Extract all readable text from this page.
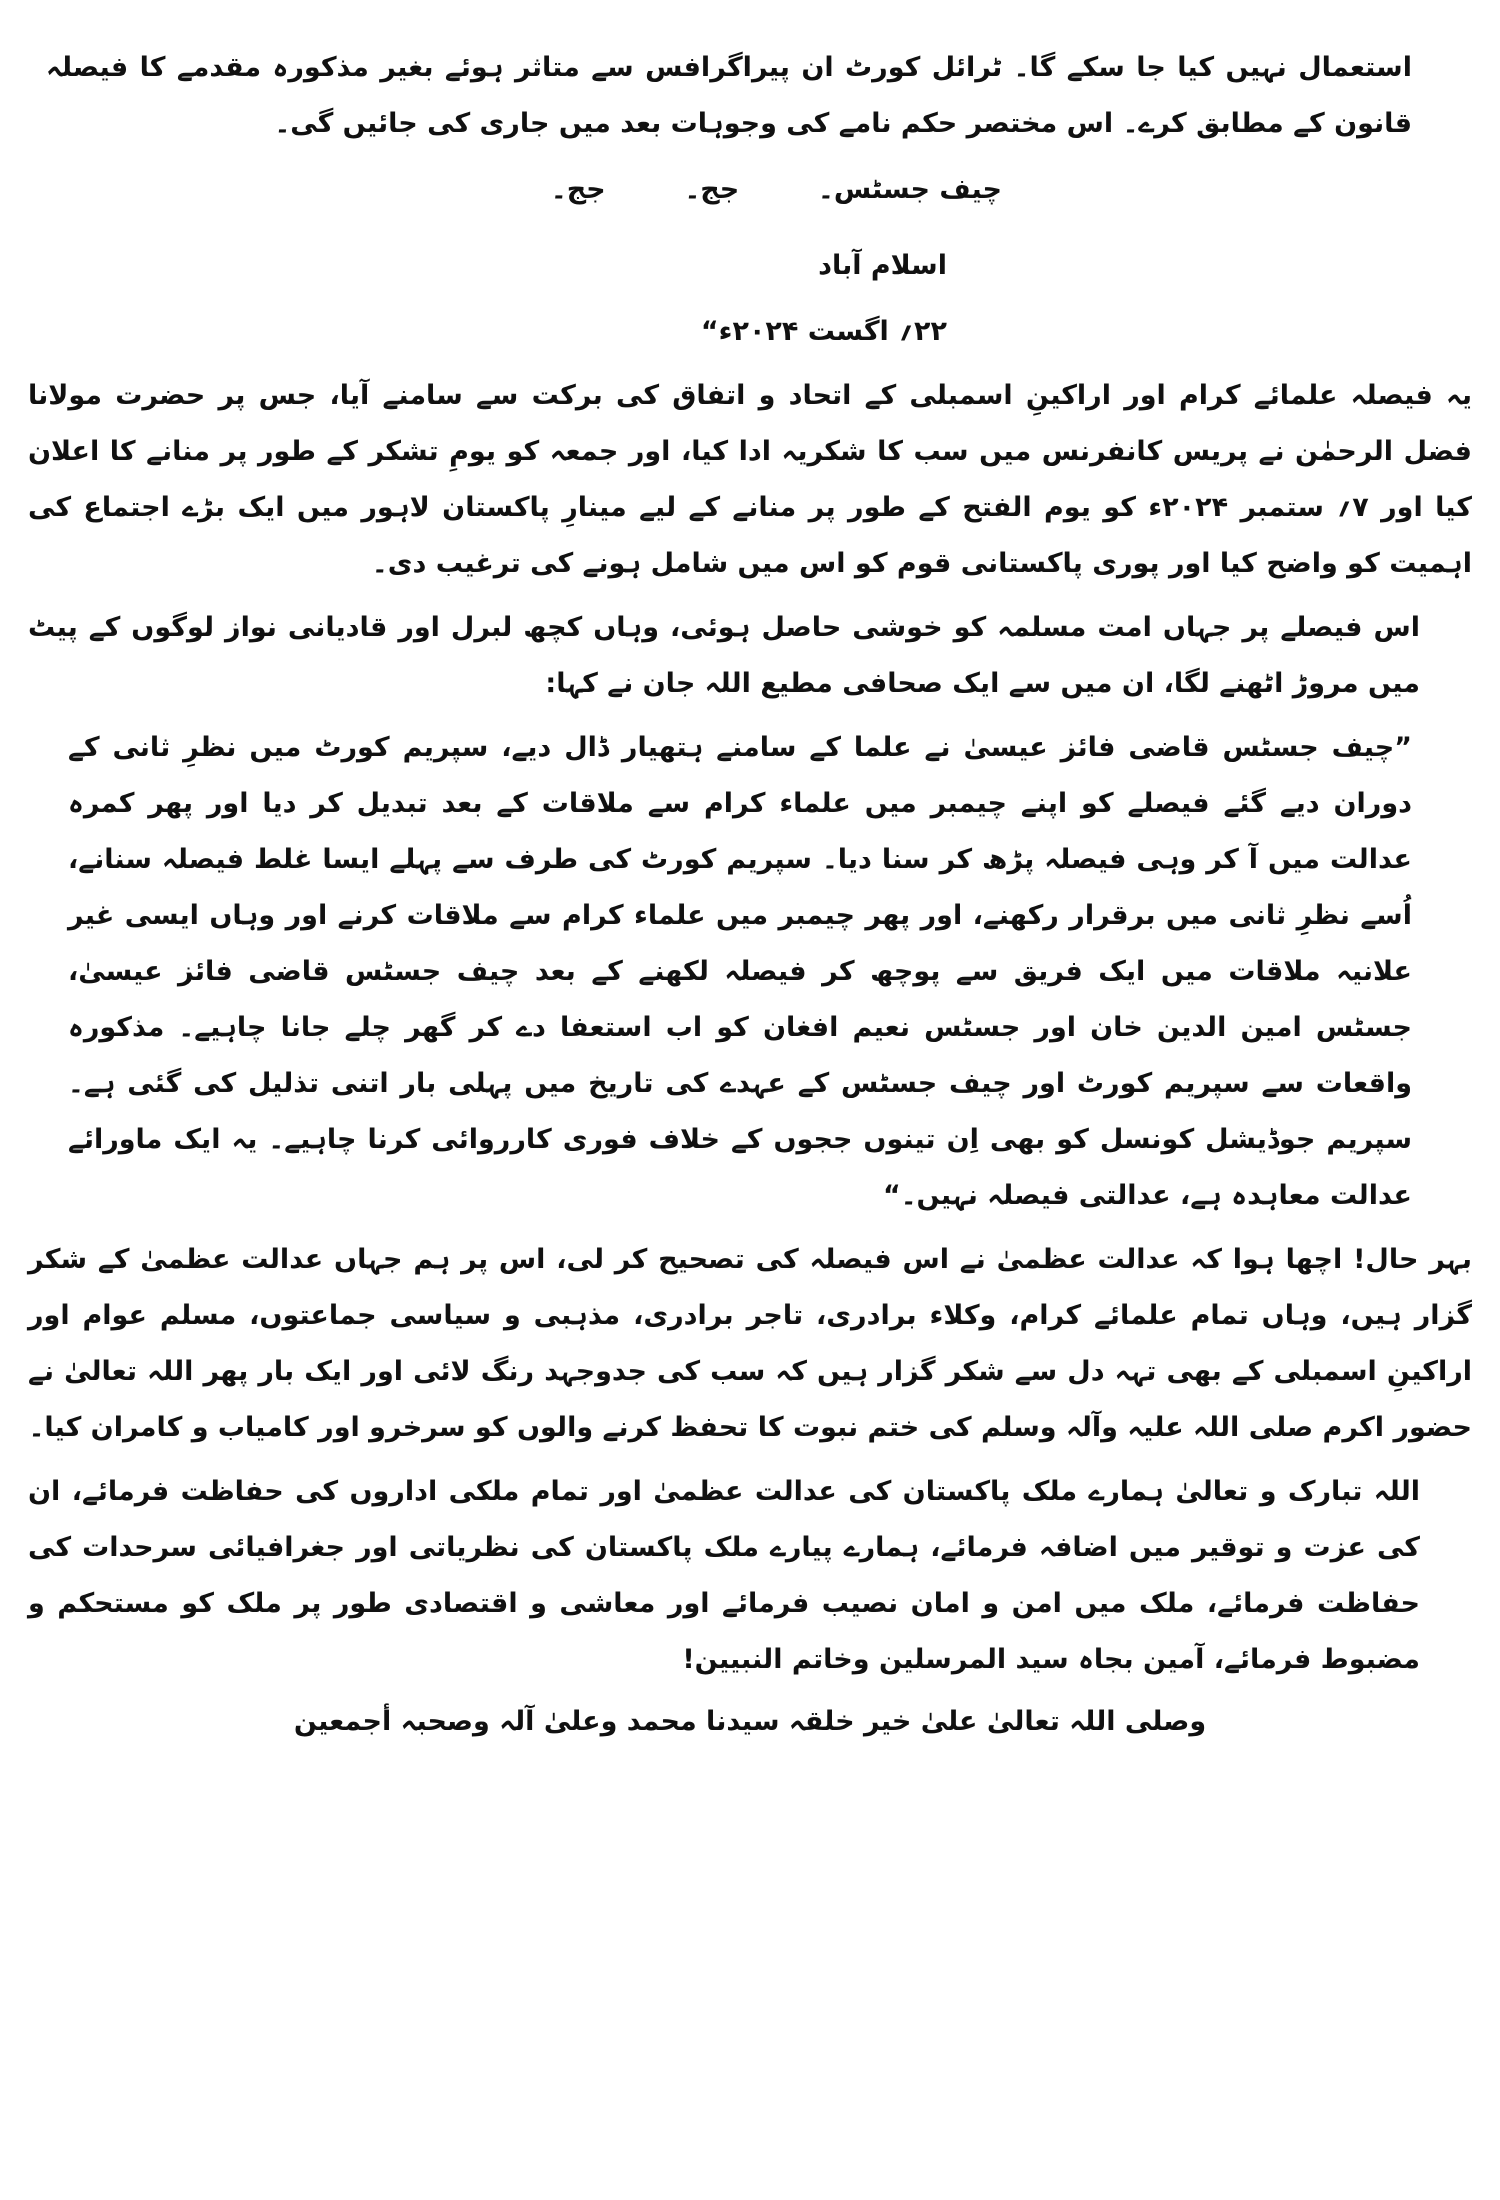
استعمال نہیں کیا جا سکے گا۔ ٹرائل کورٹ ان پیراگرافس سے متاثر ہوئے بغیر مذکورہ مقدمے کا فیصلہ قانون کے مطابق کرے۔ اس مختصر حکم نامے کی وجوہات بعد میں جاری کی جائیں گی۔

چیف جسٹس۔  جج۔  جج۔

اسلام آباد

۲۲؍ اگست ۲۰۲۴ء“

یہ فیصلہ علمائے کرام اور اراکینِ اسمبلی کے اتحاد و اتفاق کی برکت سے سامنے آیا، جس پر حضرت مولانا فضل الرحمٰن نے پریس کانفرنس میں سب کا شکریہ ادا کیا، اور جمعہ کو یومِ تشکر کے طور پر منانے کا اعلان کیا اور ۷؍ ستمبر ۲۰۲۴ء کو یوم الفتح کے طور پر منانے کے لیے مینارِ پاکستان لاہور میں ایک بڑے اجتماع کی اہمیت کو واضح کیا اور پوری پاکستانی قوم کو اس میں شامل ہونے کی ترغیب دی۔

اس فیصلے پر جہاں امت مسلمہ کو خوشی حاصل ہوئی، وہاں کچھ لبرل اور قادیانی نواز لوگوں کے پیٹ میں مروڑ اٹھنے لگا، ان میں سے ایک صحافی مطیع اللہ جان نے کہا:

”چیف جسٹس قاضی فائز عیسیٰ نے علما کے سامنے ہتھیار ڈال دیے، سپریم کورٹ میں نظرِ ثانی کے دوران دیے گئے فیصلے کو اپنے چیمبر میں علماء کرام سے ملاقات کے بعد تبدیل کر دیا اور پھر کمرہ عدالت میں آ کر وہی فیصلہ پڑھ کر سنا دیا۔ سپریم کورٹ کی طرف سے پہلے ایسا غلط فیصلہ سنانے، اُسے نظرِ ثانی میں برقرار رکھنے، اور پھر چیمبر میں علماء کرام سے ملاقات کرنے اور وہاں ایسی غیر علانیہ ملاقات میں ایک فریق سے پوچھ کر فیصلہ لکھنے کے بعد چیف جسٹس قاضی فائز عیسیٰ، جسٹس امین الدین خان اور جسٹس نعیم افغان کو اب استعفا دے کر گھر چلے جانا چاہیے۔ مذکورہ واقعات سے سپریم کورٹ اور چیف جسٹس کے عہدے کی تاریخ میں پہلی بار اتنی تذلیل کی گئی ہے۔ سپریم جوڈیشل کونسل کو بھی اِن تینوں ججوں کے خلاف فوری کارروائی کرنا چاہیے۔ یہ ایک ماورائے عدالت معاہدہ ہے، عدالتی فیصلہ نہیں۔“

بہر حال! اچھا ہوا کہ عدالت عظمیٰ نے اس فیصلہ کی تصحیح کر لی، اس پر ہم جہاں عدالت عظمیٰ کے شکر گزار ہیں، وہاں تمام علمائے کرام، وکلاء برادری، تاجر برادری، مذہبی و سیاسی جماعتوں، مسلم عوام اور اراکینِ اسمبلی کے بھی تہہ دل سے شکر گزار ہیں کہ سب کی جدوجہد رنگ لائی اور ایک بار پھر اللہ تعالیٰ نے حضور اکرم صلی اللہ علیہ وآلہ وسلم کی ختم نبوت کا تحفظ کرنے والوں کو سرخرو اور کامیاب و کامران کیا۔

اللہ تبارک و تعالیٰ ہمارے ملک پاکستان کی عدالت عظمیٰ اور تمام ملکی اداروں کی حفاظت فرمائے، ان کی عزت و توقیر میں اضافہ فرمائے، ہمارے پیارے ملک پاکستان کی نظریاتی اور جغرافیائی سرحدات کی حفاظت فرمائے، ملک میں امن و امان نصیب فرمائے اور معاشی و اقتصادی طور پر ملک کو مستحکم و مضبوط فرمائے، آمین بجاہ سید المرسلین وخاتم النبیین!

وصلی اللہ تعالیٰ علیٰ خیر خلقہ سیدنا محمد وعلیٰ آلہ وصحبہ أجمعین
